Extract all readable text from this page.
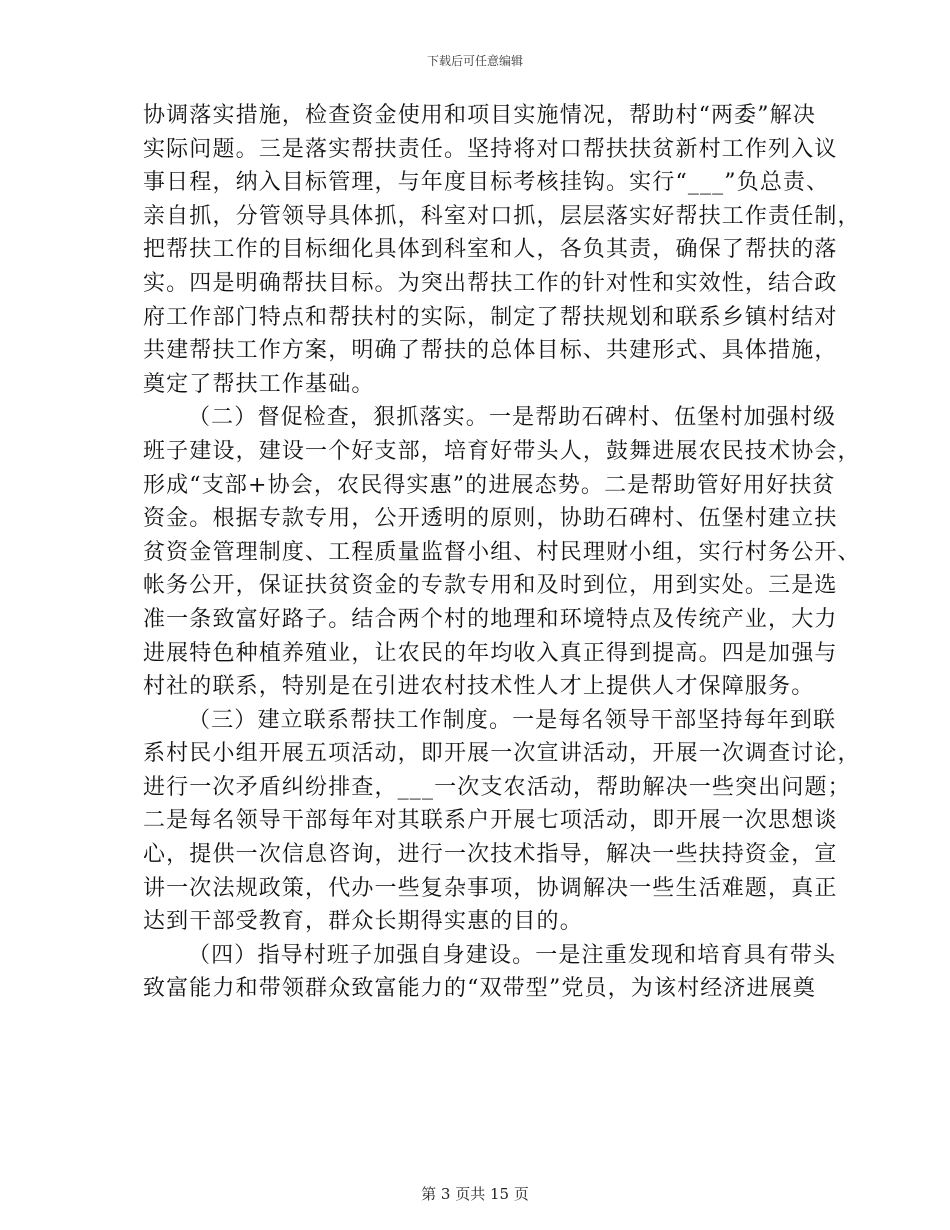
下载后可任意编辑

协调落实措施，检查资金使用和项目实施情况，帮助村“两委”解决

实际问题。三是落实帮扶责任。坚持将对口帮扶扶贫新村工作列入议

事日程，纳入目标管理，与年度目标考核挂钩。实行“___”负总责、

亲自抓，分管领导具体抓，科室对口抓，层层落实好帮扶工作责任制，

把帮扶工作的目标细化具体到科室和人，各负其责，确保了帮扶的落

实。四是明确帮扶目标。为突出帮扶工作的针对性和实效性，结合政

府工作部门特点和帮扶村的实际，制定了帮扶规划和联系乡镇村结对

共建帮扶工作方案，明确了帮扶的总体目标、共建形式、具体措施，

奠定了帮扶工作基础。

（二）督促检查，狠抓落实。一是帮助石碑村、伍堡村加强村级

班子建设，建设一个好支部，培育好带头人，鼓舞进展农民技术协会，

形成“支部+协会，农民得实惠”的进展态势。二是帮助管好用好扶贫

资金。根据专款专用，公开透明的原则，协助石碑村、伍堡村建立扶

贫资金管理制度、工程质量监督小组、村民理财小组，实行村务公开、

帐务公开，保证扶贫资金的专款专用和及时到位，用到实处。三是选

准一条致富好路子。结合两个村的地理和环境特点及传统产业，大力

进展特色种植养殖业，让农民的年均收入真正得到提高。四是加强与

村社的联系，特别是在引进农村技术性人才上提供人才保障服务。

（三）建立联系帮扶工作制度。一是每名领导干部坚持每年到联

系村民小组开展五项活动，即开展一次宣讲活动，开展一次调查讨论，

进行一次矛盾纠纷排查，___一次支农活动，帮助解决一些突出问题；

二是每名领导干部每年对其联系户开展七项活动，即开展一次思想谈

心，提供一次信息咨询，进行一次技术指导，解决一些扶持资金，宣

讲一次法规政策，代办一些复杂事项，协调解决一些生活难题，真正

达到干部受教育，群众长期得实惠的目的。

（四）指导村班子加强自身建设。一是注重发现和培育具有带头

致富能力和带领群众致富能力的“双带型”党员，为该村经济进展奠

第 3 页共 15 页
